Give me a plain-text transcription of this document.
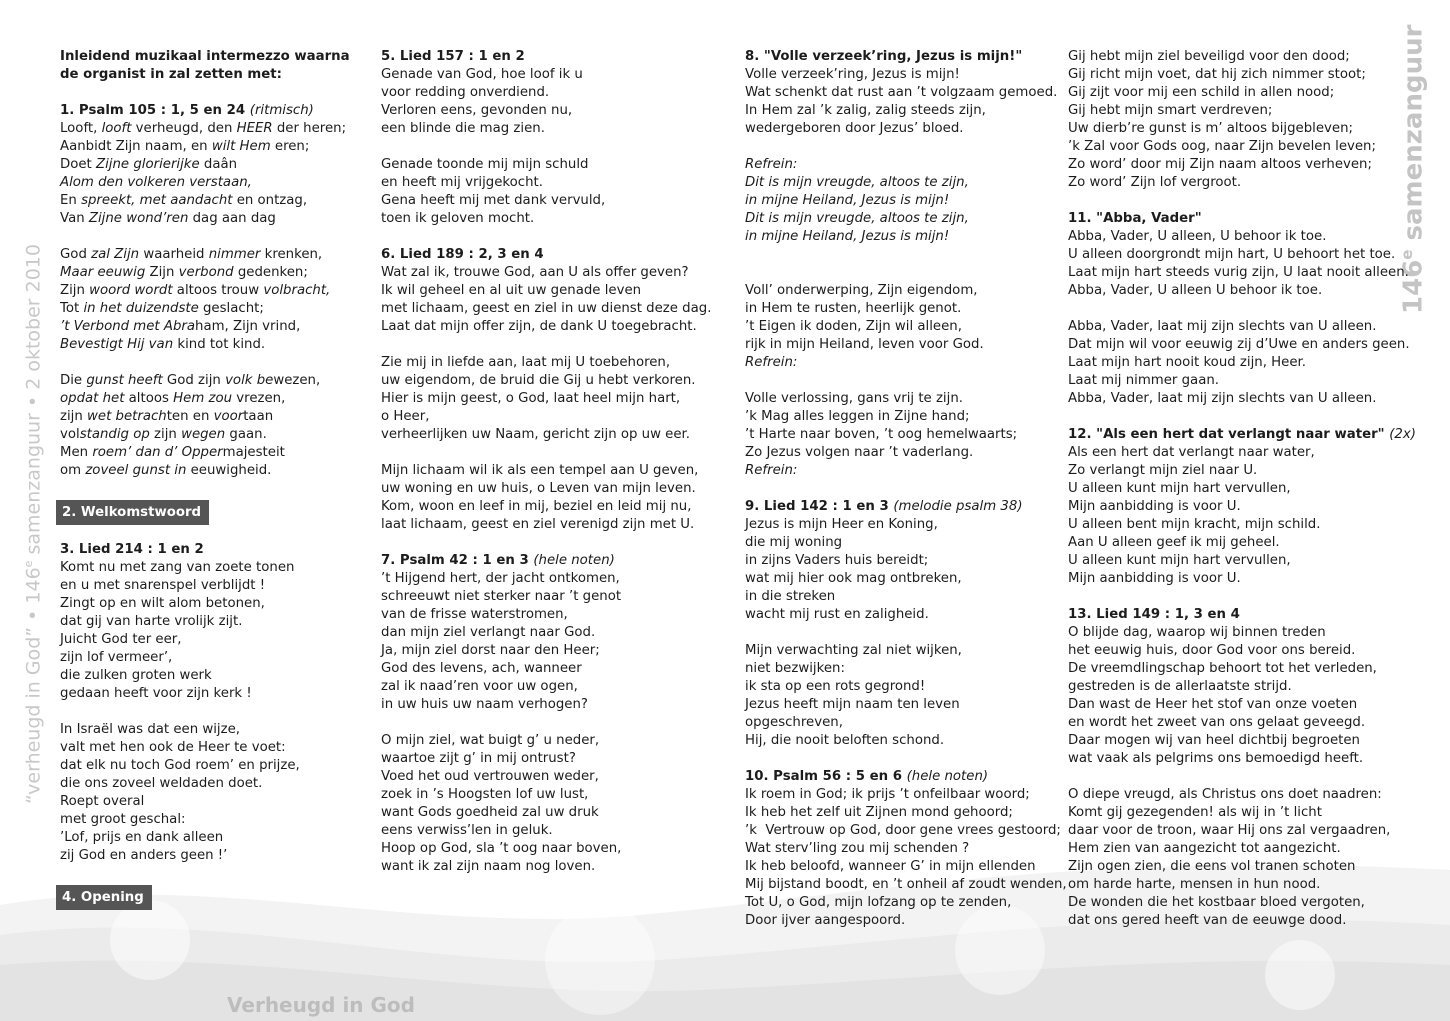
“verheugd in God” • 146e samenzanguur • 2 oktober 2010	146e samenzanguur
Inleidend muzikaal intermezzo waarna
de organist in zal zetten met:
1. Psalm 105 : 1, 5 en 24 (ritmisch)
Looft, looft verheugd, den HEER der heren;
Aanbidt Zijn naam, en wilt Hem eren;
Doet Zijne glorierijke daân
Alom den volkeren verstaan,
En spreekt, met aandacht en ontzag,
Van Zijne wond’ren dag aan dag
God zal Zijn waarheid nimmer krenken,
Maar eeuwig Zijn verbond gedenken;
Zijn woord wordt altoos trouw volbracht,
Tot in het duizendste geslacht;
’t Verbond met Abraham, Zijn vrind,
Bevestigt Hij van kind tot kind.
Die gunst heeft God zijn volk bewezen,
opdat het altoos Hem zou vrezen,
zijn wet betrachten en voortaan
volstandig op zijn wegen gaan.
Men roem’ dan d’ Oppermajesteit
om zoveel gunst in eeuwigheid.
2. Welkomstwoord
3. Lied 214 : 1 en 2
Komt nu met zang van zoete tonen
en u met snarenspel verblijdt !
Zingt op en wilt alom betonen,
dat gij van harte vrolijk zijt.
Juicht God ter eer,
zijn lof vermeer’,
die zulken groten werk
gedaan heeft voor zijn kerk !
In Israël was dat een wijze,
valt met hen ook de Heer te voet:
dat elk nu toch God roem’ en prijze,
die ons zoveel weldaden doet.
Roept overal
met groot geschal:
’Lof, prijs en dank alleen
zij God en anders geen !’
4. Opening
5. Lied 157 : 1 en 2
Genade van God, hoe loof ik u
voor redding onverdiend.
Verloren eens, gevonden nu,
een blinde die mag zien.
Genade toonde mij mijn schuld
en heeft mij vrijgekocht.
Gena heeft mij met dank vervuld,
toen ik geloven mocht.
6. Lied 189 : 2, 3 en 4
Wat zal ik, trouwe God, aan U als offer geven?
Ik wil geheel en al uit uw genade leven
met lichaam, geest en ziel in uw dienst deze dag.
Laat dat mijn offer zijn, de dank U toegebracht.
Zie mij in liefde aan, laat mij U toebehoren,
uw eigendom, de bruid die Gij u hebt verkoren.
Hier is mijn geest, o God, laat heel mijn hart,
o Heer,
verheerlijken uw Naam, gericht zijn op uw eer.
Mijn lichaam wil ik als een tempel aan U geven,
uw woning en uw huis, o Leven van mijn leven.
Kom, woon en leef in mij, beziel en leid mij nu,
laat lichaam, geest en ziel verenigd zijn met U.
7. Psalm 42 : 1 en 3 (hele noten)
’t Hijgend hert, der jacht ontkomen,
schreeuwt niet sterker naar ’t genot
van de frisse waterstromen,
dan mijn ziel verlangt naar God.
Ja, mijn ziel dorst naar den Heer;
God des levens, ach, wanneer
zal ik naad’ren voor uw ogen,
in uw huis uw naam verhogen?
O mijn ziel, wat buigt g’ u neder,
waartoe zijt g’ in mij ontrust?
Voed het oud vertrouwen weder,
zoek in ’s Hoogsten lof uw lust,
want Gods goedheid zal uw druk
eens verwiss’len in geluk.
Hoop op God, sla ’t oog naar boven,
want ik zal zijn naam nog loven.
8. "Volle verzeek’ring, Jezus is mijn!"
Volle verzeek’ring, Jezus is mijn!
Wat schenkt dat rust aan ’t volgzaam gemoed.
In Hem zal ’k zalig, zalig steeds zijn,
wedergeboren door Jezus’ bloed.
Refrein:
Dit is mijn vreugde, altoos te zijn,
in mijne Heiland, Jezus is mijn!
Dit is mijn vreugde, altoos te zijn,
in mijne Heiland, Jezus is mijn!
Voll’ onderwerping, Zijn eigendom,
in Hem te rusten, heerlijk genot.
’t Eigen ik doden, Zijn wil alleen,
rijk in mijn Heiland, leven voor God.
Refrein:
Volle verlossing, gans vrij te zijn.
’k Mag alles leggen in Zijne hand;
’t Harte naar boven, ’t oog hemelwaarts;
Zo Jezus volgen naar ’t vaderlang.
Refrein:
9. Lied 142 : 1 en 3 (melodie psalm 38)
Jezus is mijn Heer en Koning,
die mij woning
in zijns Vaders huis bereidt;
wat mij hier ook mag ontbreken,
in die streken
wacht mij rust en zaligheid.
Mijn verwachting zal niet wijken,
niet bezwijken:
ik sta op een rots gegrond!
Jezus heeft mijn naam ten leven
opgeschreven,
Hij, die nooit beloften schond.
10. Psalm 56 : 5 en 6 (hele noten)
Ik roem in God; ik prijs ’t onfeilbaar woord;
Ik heb het zelf uit Zijnen mond gehoord;
’k  Vertrouw op God, door gene vrees gestoord;
Wat sterv’ling zou mij schenden ?
Ik heb beloofd, wanneer G’ in mijn ellenden
Mij bijstand boodt, en ’t onheil af zoudt wenden,
Tot U, o God, mijn lofzang op te zenden,
Door ijver aangespoord.
Gij hebt mijn ziel beveiligd voor den dood;
Gij richt mijn voet, dat hij zich nimmer stoot;
Gij zijt voor mij een schild in allen nood;
Gij hebt mijn smart verdreven;
Uw dierb’re gunst is m’ altoos bijgebleven;
’k Zal voor Gods oog, naar Zijn bevelen leven;
Zo word’ door mij Zijn naam altoos verheven;
Zo word’ Zijn lof vergroot.
11. "Abba, Vader"
Abba, Vader, U alleen, U behoor ik toe.
U alleen doorgrondt mijn hart, U behoort het toe.
Laat mijn hart steeds vurig zijn, U laat nooit alleen.
Abba, Vader, U alleen U behoor ik toe.
Abba, Vader, laat mij zijn slechts van U alleen.
Dat mijn wil voor eeuwig zij d’Uwe en anders geen.
Laat mijn hart nooit koud zijn, Heer.
Laat mij nimmer gaan.
Abba, Vader, laat mij zijn slechts van U alleen.
12. "Als een hert dat verlangt naar water" (2x)
Als een hert dat verlangt naar water,
Zo verlangt mijn ziel naar U.
U alleen kunt mijn hart vervullen,
Mijn aanbidding is voor U.
U alleen bent mijn kracht, mijn schild.
Aan U alleen geef ik mij geheel.
U alleen kunt mijn hart vervullen,
Mijn aanbidding is voor U.
13. Lied 149 : 1, 3 en 4
O blijde dag, waarop wij binnen treden
het eeuwig huis, door God voor ons bereid.
De vreemdlingschap behoort tot het verleden,
gestreden is de allerlaatste strijd.
Dan wast de Heer het stof van onze voeten
en wordt het zweet van ons gelaat geveegd.
Daar mogen wij van heel dichtbij begroeten
wat vaak als pelgrims ons bemoedigd heeft.
O diepe vreugd, als Christus ons doet naadren:
Komt gij gezegenden! als wij in ’t licht
daar voor de troon, waar Hij ons zal vergaadren,
Hem zien van aangezicht tot aangezicht.
Zijn ogen zien, die eens vol tranen schoten
om harde harte, mensen in hun nood.
De wonden die het kostbaar bloed vergoten,
dat ons gered heeft van de eeuwge dood.
Verheugd in God
